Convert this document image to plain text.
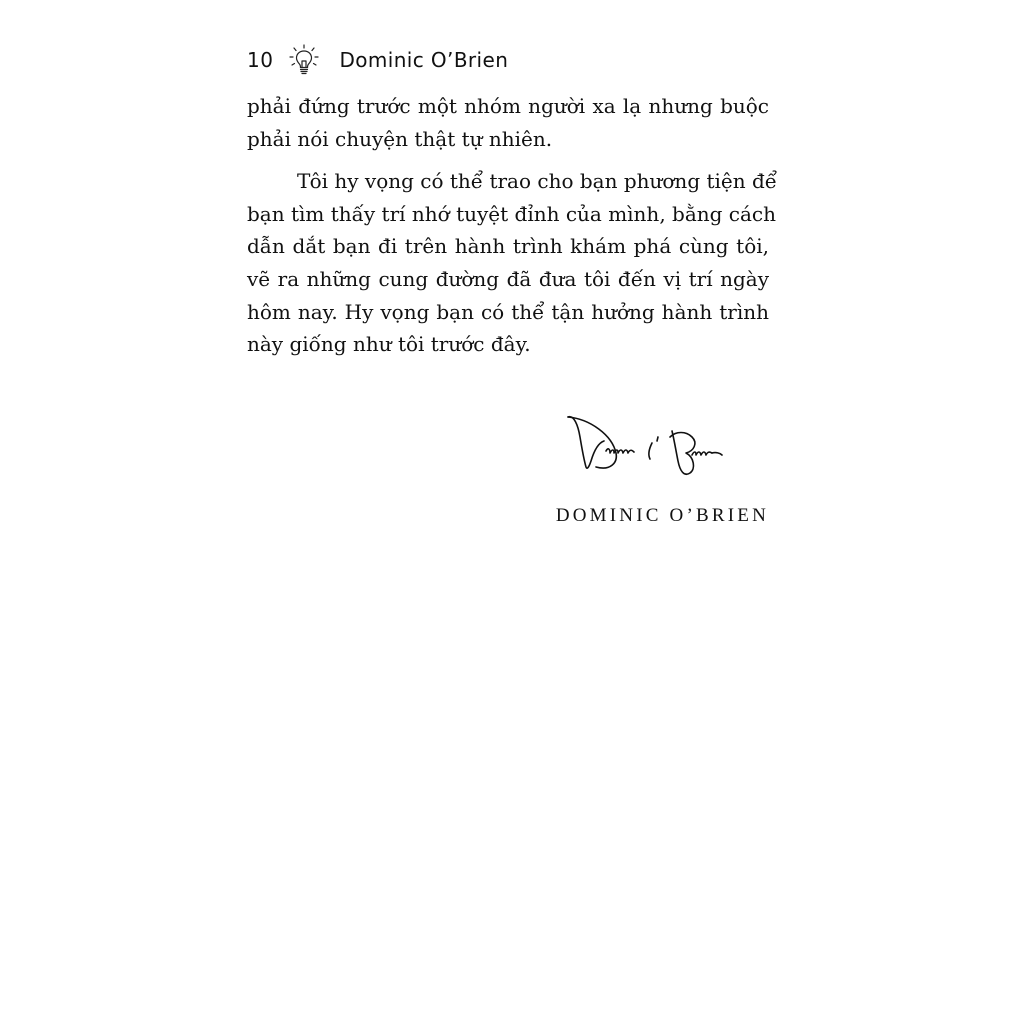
10	Dominic O’Brien

phải đứng trước một nhóm người xa lạ nhưng buộc
phải nói chuyện thật tự nhiên.

Tôi hy vọng có thể trao cho bạn phương tiện để
bạn tìm thấy trí nhớ tuyệt đỉnh của mình, bằng cách
dẫn dắt bạn đi trên hành trình khám phá cùng tôi,
vẽ ra những cung đường đã đưa tôi đến vị trí ngày
hôm nay. Hy vọng bạn có thể tận hưởng hành trình
này giống như tôi trước đây.

DOMINIC O’BRIEN
